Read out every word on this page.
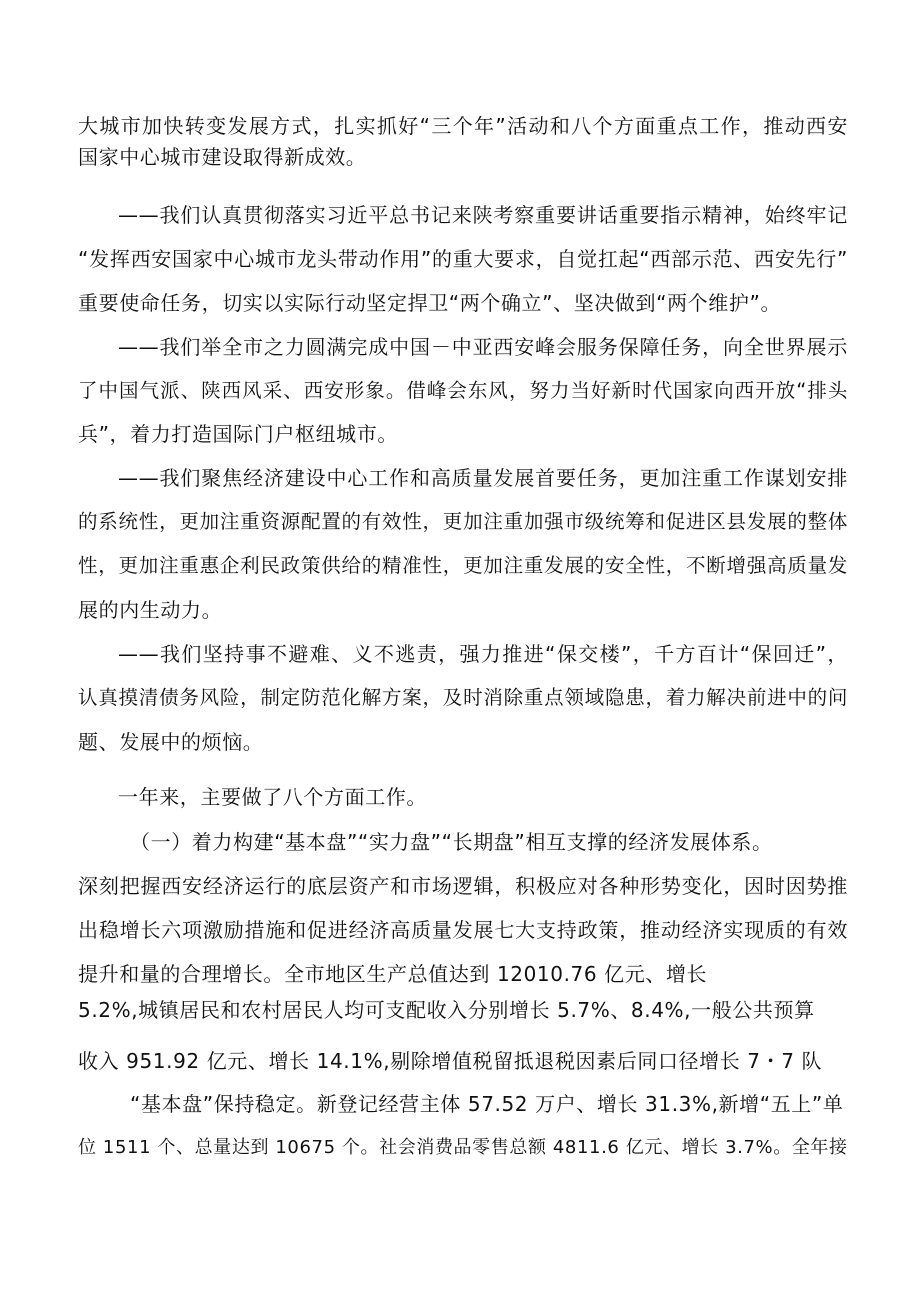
大城市加快转变发展方式，扎实抓好“三个年”活动和八个方面重点工作，推动西安
国家中心城市建设取得新成效。
——我们认真贯彻落实习近平总书记来陕考察重要讲话重要指示精神，始终牢记
“发挥西安国家中心城市龙头带动作用”的重大要求，自觉扛起“西部示范、西安先行”
重要使命任务，切实以实际行动坚定捍卫“两个确立”、坚决做到“两个维护”。
——我们举全市之力圆满完成中国－中亚西安峰会服务保障任务，向全世界展示
了中国气派、陕西风采、西安形象。借峰会东风，努力当好新时代国家向西开放“排头
兵”，着力打造国际门户枢纽城市。
——我们聚焦经济建设中心工作和高质量发展首要任务，更加注重工作谋划安排
的系统性，更加注重资源配置的有效性，更加注重加强市级统筹和促进区县发展的整体
性，更加注重惠企利民政策供给的精准性，更加注重发展的安全性，不断增强高质量发
展的内生动力。
——我们坚持事不避难、义不逃责，强力推进“保交楼”，千方百计“保回迁”，
认真摸清债务风险，制定防范化解方案，及时消除重点领域隐患，着力解决前进中的问
题、发展中的烦恼。
一年来，主要做了八个方面工作。
（一）着力构建“基本盘”“实力盘”“长期盘”相互支撑的经济发展体系。
深刻把握西安经济运行的底层资产和市场逻辑，积极应对各种形势变化，因时因势推
出稳增长六项激励措施和促进经济高质量发展七大支持政策，推动经济实现质的有效
提升和量的合理增长。全市地区生产总值达到 12010.76 亿元、增长
5.2%,城镇居民和农村居民人均可支配收入分别增长 5.7%、8.4%,一般公共预算
收入 951.92 亿元、增长 14.1%,剔除增值税留抵退税因素后同口径增长 7・7 队
“基本盘”保持稳定。新登记经营主体 57.52 万户、增长 31.3%,新增“五上”单
位 1511 个、总量达到 10675 个。社会消费品零售总额 4811.6 亿元、增长 3.7%。全年接
